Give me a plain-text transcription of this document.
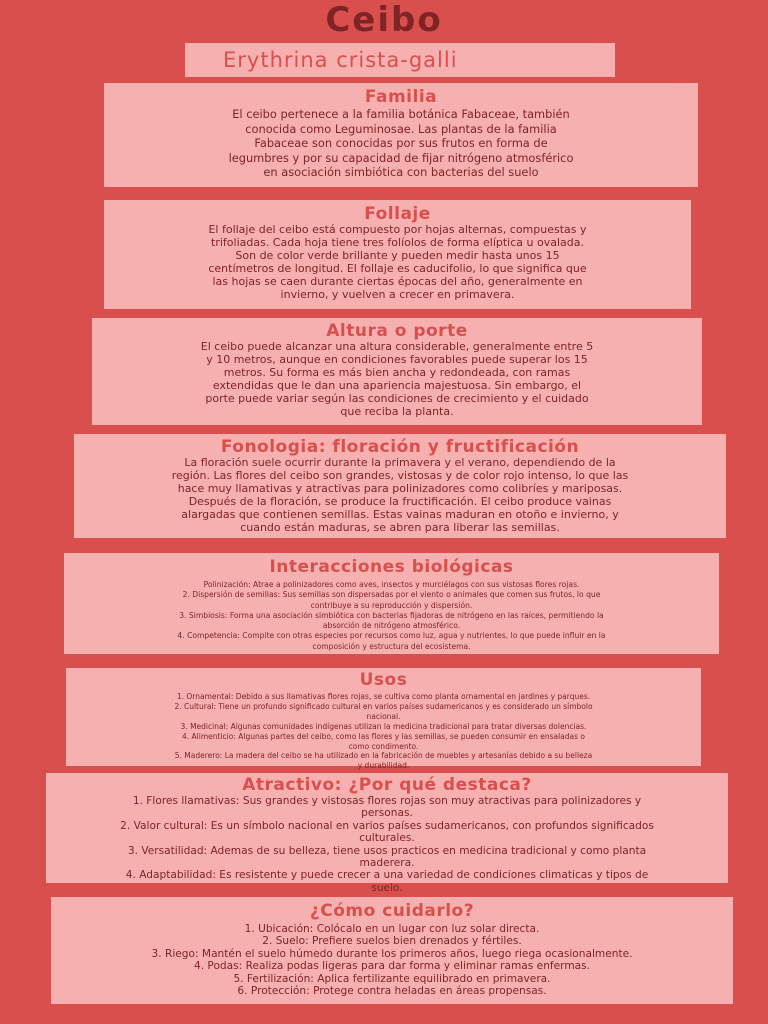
Ceibo
Erythrina crista-galli
Familia

El ceibo pertenece a la familia botánica Fabaceae, también
conocida como Leguminosae. Las plantas de la familia
Fabaceae son conocidas por sus frutos en forma de
legumbres y por su capacidad de fijar nitrógeno atmosférico
en asociación simbiótica con bacterias del suelo

Follaje

El follaje del ceibo está compuesto por hojas alternas, compuestas y
trifoliadas. Cada hoja tiene tres folíolos de forma elíptica u ovalada.
Son de color verde brillante y pueden medir hasta unos 15
centímetros de longitud. El follaje es caducifolio, lo que significa que
las hojas se caen durante ciertas épocas del año, generalmente en
invierno, y vuelven a crecer en primavera.

Altura o porte

El ceibo puede alcanzar una altura considerable, generalmente entre 5
y 10 metros, aunque en condiciones favorables puede superar los 15
metros. Su forma es más bien ancha y redondeada, con ramas
extendidas que le dan una apariencia majestuosa. Sin embargo, el
porte puede variar según las condiciones de crecimiento y el cuidado
que reciba la planta.

Fonologia: floración y fructificación

La floración suele ocurrir durante la primavera y el verano, dependiendo de la
región. Las flores del ceibo son grandes, vistosas y de color rojo intenso, lo que las
hace muy llamativas y atractivas para polinizadores como colibríes y mariposas.
Después de la floración, se produce la fructificación. El ceibo produce vainas
alargadas que contienen semillas. Estas vainas maduran en otoño e invierno, y
cuando están maduras, se abren para liberar las semillas.

Interacciones biológicas

Polinización: Atrae a polinizadores como aves, insectos y murciélagos con sus vistosas flores rojas.
2. Dispersión de semillas: Sus semillas son dispersadas por el viento o animales que comen sus frutos, lo que
contribuye a su reproducción y dispersión.
3. Simbiosis: Forma una asociación simbiótica con bacterias fijadoras de nitrógeno en las raíces, permitiendo la
absorción de nitrógeno atmosférico.
4. Competencia: Compite con otras especies por recursos como luz, agua y nutrientes, lo que puede influir en la
composición y estructura del ecosistema.

Usos

1. Ornamental: Debido a sus llamativas flores rojas, se cultiva como planta ornamental en jardines y parques.
2. Cultural: Tiene un profundo significado cultural en varios países sudamericanos y es considerado un símbolo
nacional.
3. Medicinal: Algunas comunidades indígenas utilizan la medicina tradicional para tratar diversas dolencias.
4. Alimenticio: Algunas partes del ceibo, como las flores y las semillas, se pueden consumir en ensaladas o
como condimento.
5. Maderero: La madera del ceibo se ha utilizado en la fabricación de muebles y artesanías debido a su belleza
y durabilidad.

Atractivo: ¿Por qué destaca?

1. Flores llamativas: Sus grandes y vistosas flores rojas son muy atractivas para polinizadores y
personas.
2. Valor cultural: Es un símbolo nacional en varios países sudamericanos, con profundos significados
culturales.
3. Versatilidad: Ademas de su belleza, tiene usos practicos en medicina tradicional y como planta
maderera.
4. Adaptabilidad: Es resistente y puede crecer a una variedad de condiciones climaticas y tipos de
suelo.

¿Cómo cuidarlo?

1. Ubicación: Colócalo en un lugar con luz solar directa.
2. Suelo: Prefiere suelos bien drenados y fértiles.
3. Riego: Mantén el suelo húmedo durante los primeros años, luego riega ocasionalmente.
4. Podas: Realiza podas ligeras para dar forma y eliminar ramas enfermas.
5. Fertilización: Aplica fertilizante equilibrado en primavera.
6. Protección: Protege contra heladas en áreas propensas.
